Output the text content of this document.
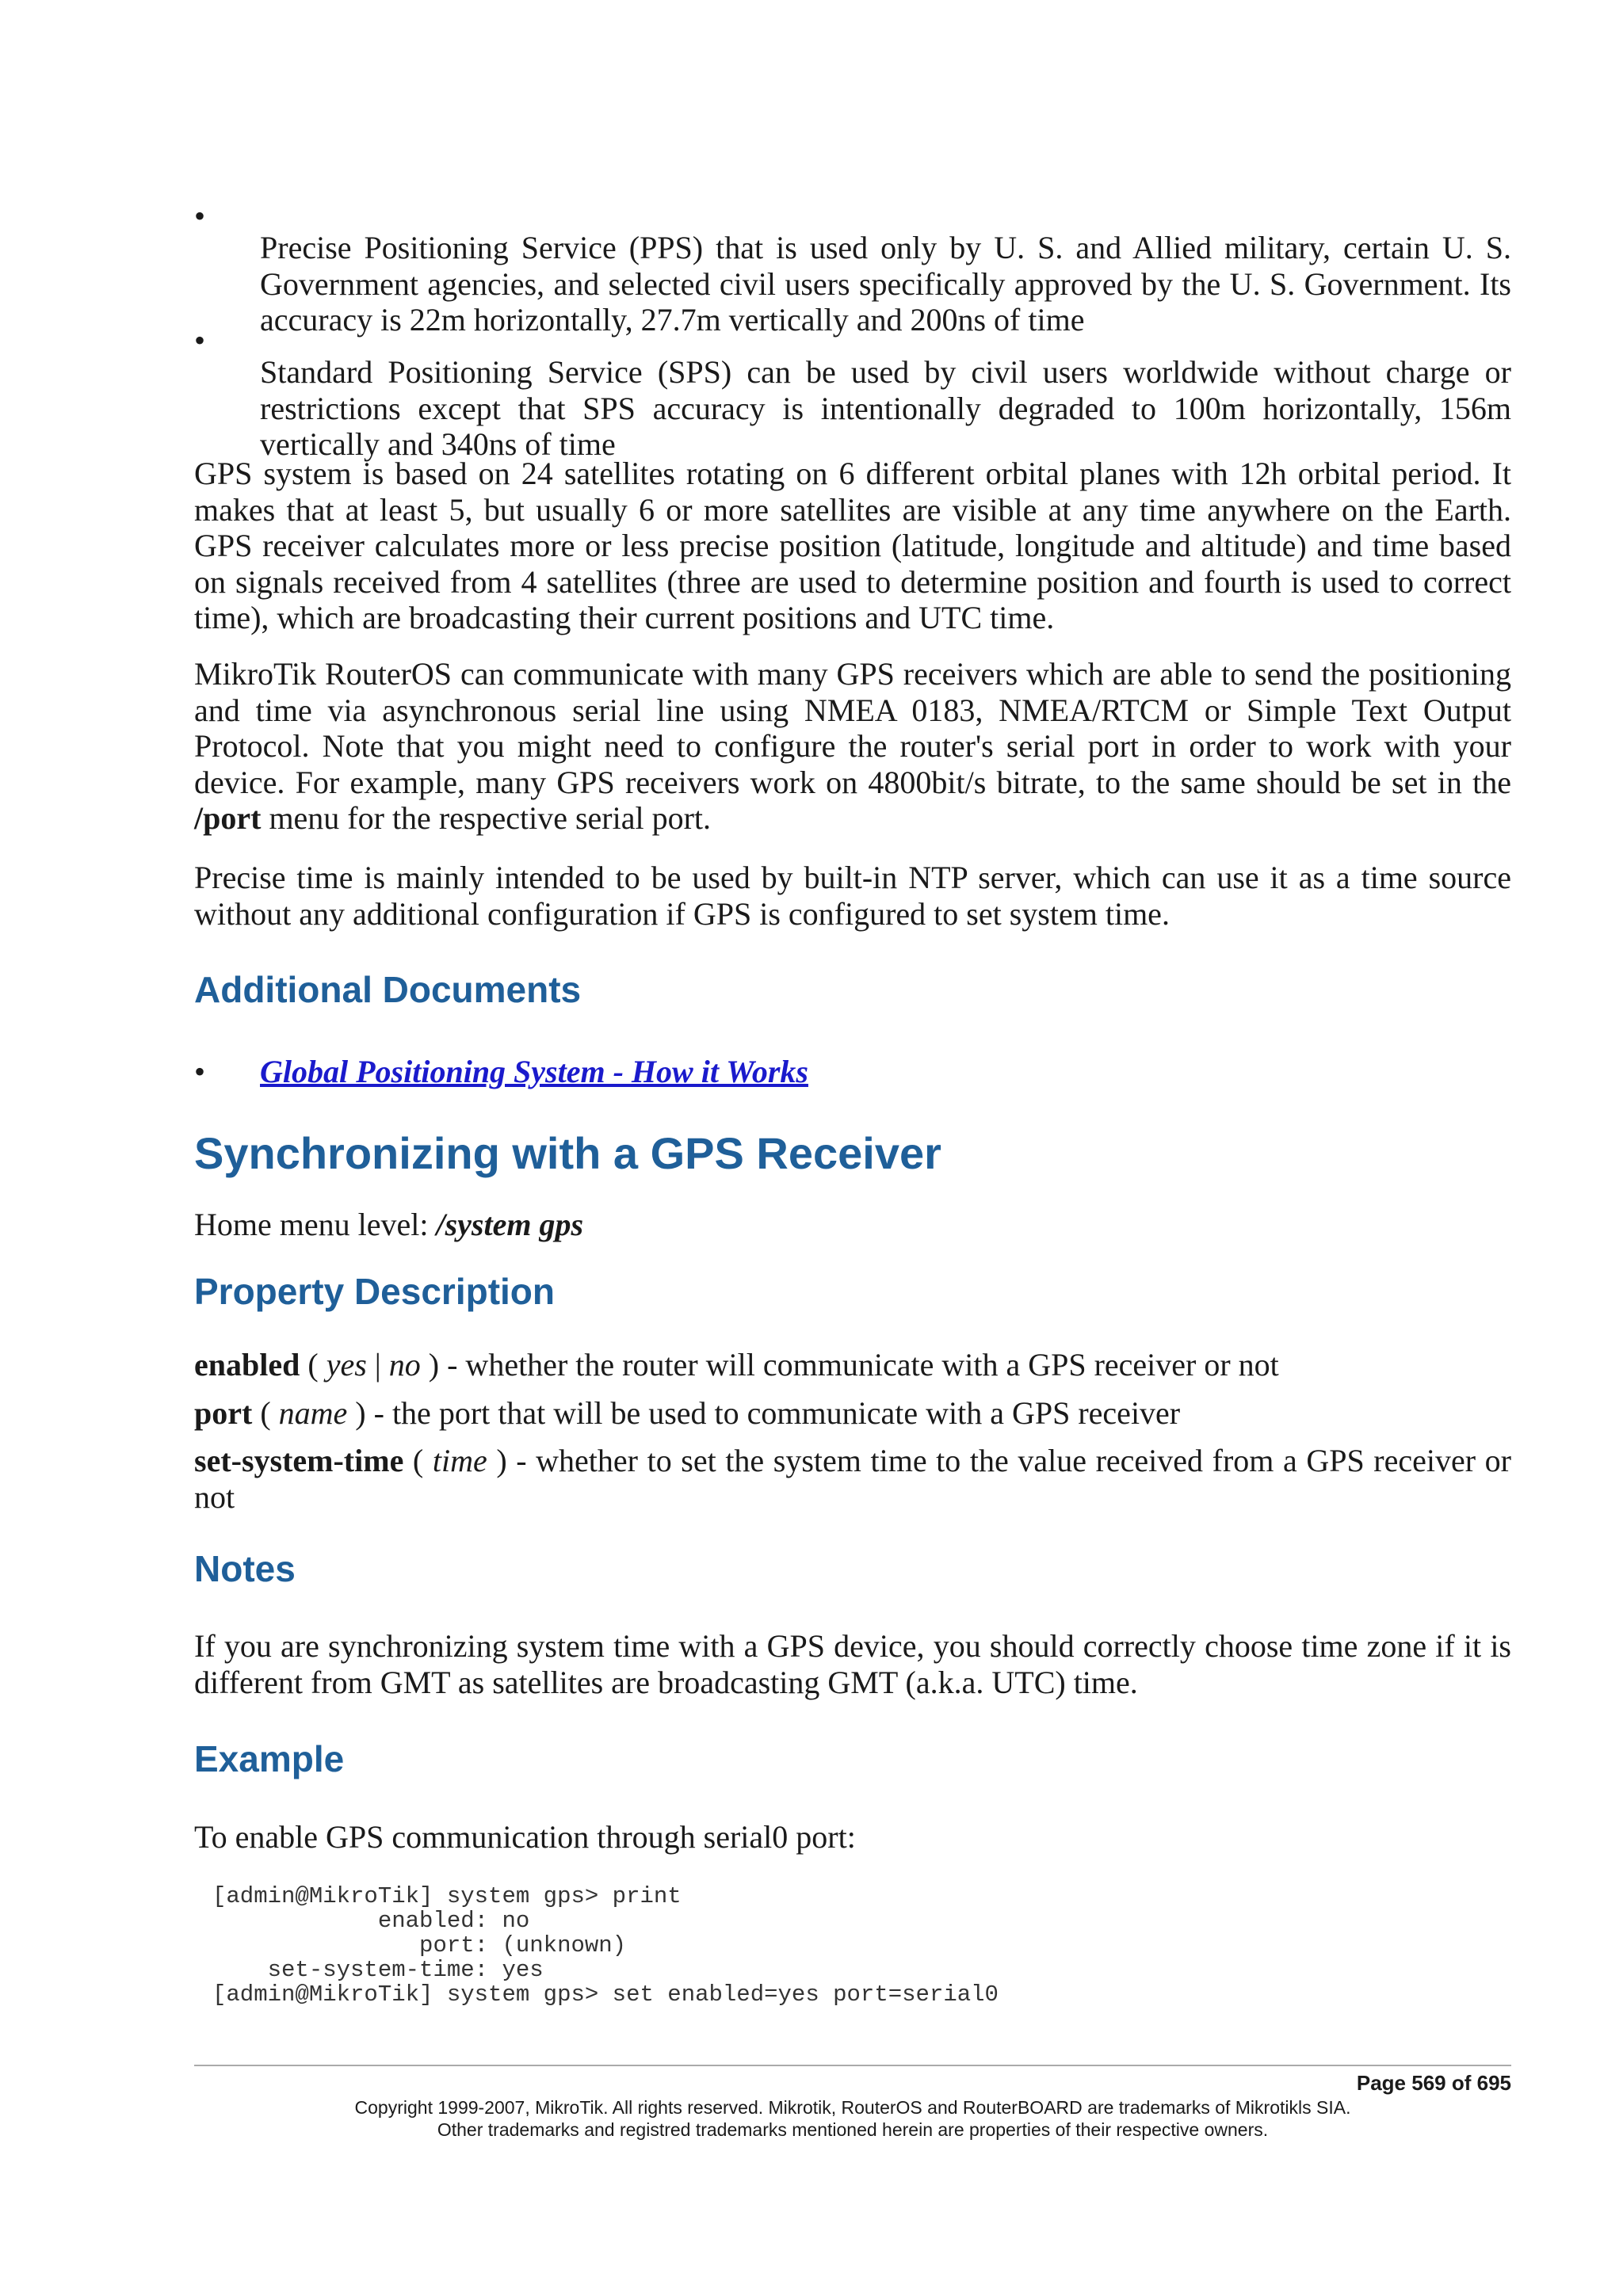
•

Precise Positioning Service (PPS) that is used only by U. S. and Allied military, certain U. S. Government agencies, and selected civil users specifically approved by the U. S. Government. Its accuracy is 22m horizontally, 27.7m vertically and 200ns of time

•

Standard Positioning Service (SPS) can be used by civil users worldwide without charge or restrictions except that SPS accuracy is intentionally degraded to 100m horizontally, 156m vertically and 340ns of time

GPS system is based on 24 satellites rotating on 6 different orbital planes with 12h orbital period. It makes that at least 5, but usually 6 or more satellites are visible at any time anywhere on the Earth. GPS receiver calculates more or less precise position (latitude, longitude and altitude) and time based on signals received from 4 satellites (three are used to determine position and fourth is used to correct time), which are broadcasting their current positions and UTC time.

MikroTik RouterOS can communicate with many GPS receivers which are able to send the positioning and time via asynchronous serial line using NMEA 0183, NMEA/RTCM or Simple Text Output Protocol. Note that you might need to configure the router's serial port in order to work with your device. For example, many GPS receivers work on 4800bit/s bitrate, to the same should be set in the /port menu for the respective serial port.

Precise time is mainly intended to be used by built-in NTP server, which can use it as a time source without any additional configuration if GPS is configured to set system time.

Additional Documents
• Global Positioning System - How it Works

Synchronizing with a GPS Receiver

Home menu level: /system gps

Property Description

enabled ( yes | no ) - whether the router will communicate with a GPS receiver or not

port ( name ) - the port that will be used to communicate with a GPS receiver

set-system-time ( time ) - whether to set the system time to the value received from a GPS receiver or not

Notes

If you are synchronizing system time with a GPS device, you should correctly choose time zone if it is different from GMT as satellites are broadcasting GMT (a.k.a. UTC) time.

Example

To enable GPS communication through serial0 port:

[admin@MikroTik] system gps> print
enabled: no
port: (unknown)
set-system-time: yes
[admin@MikroTik] system gps> set enabled=yes port=serial0
Page 569 of 695
Copyright 1999-2007, MikroTik. All rights reserved. Mikrotik, RouterOS and RouterBOARD are trademarks of Mikrotikls SIA.
Other trademarks and registred trademarks mentioned herein are properties of their respective owners.
